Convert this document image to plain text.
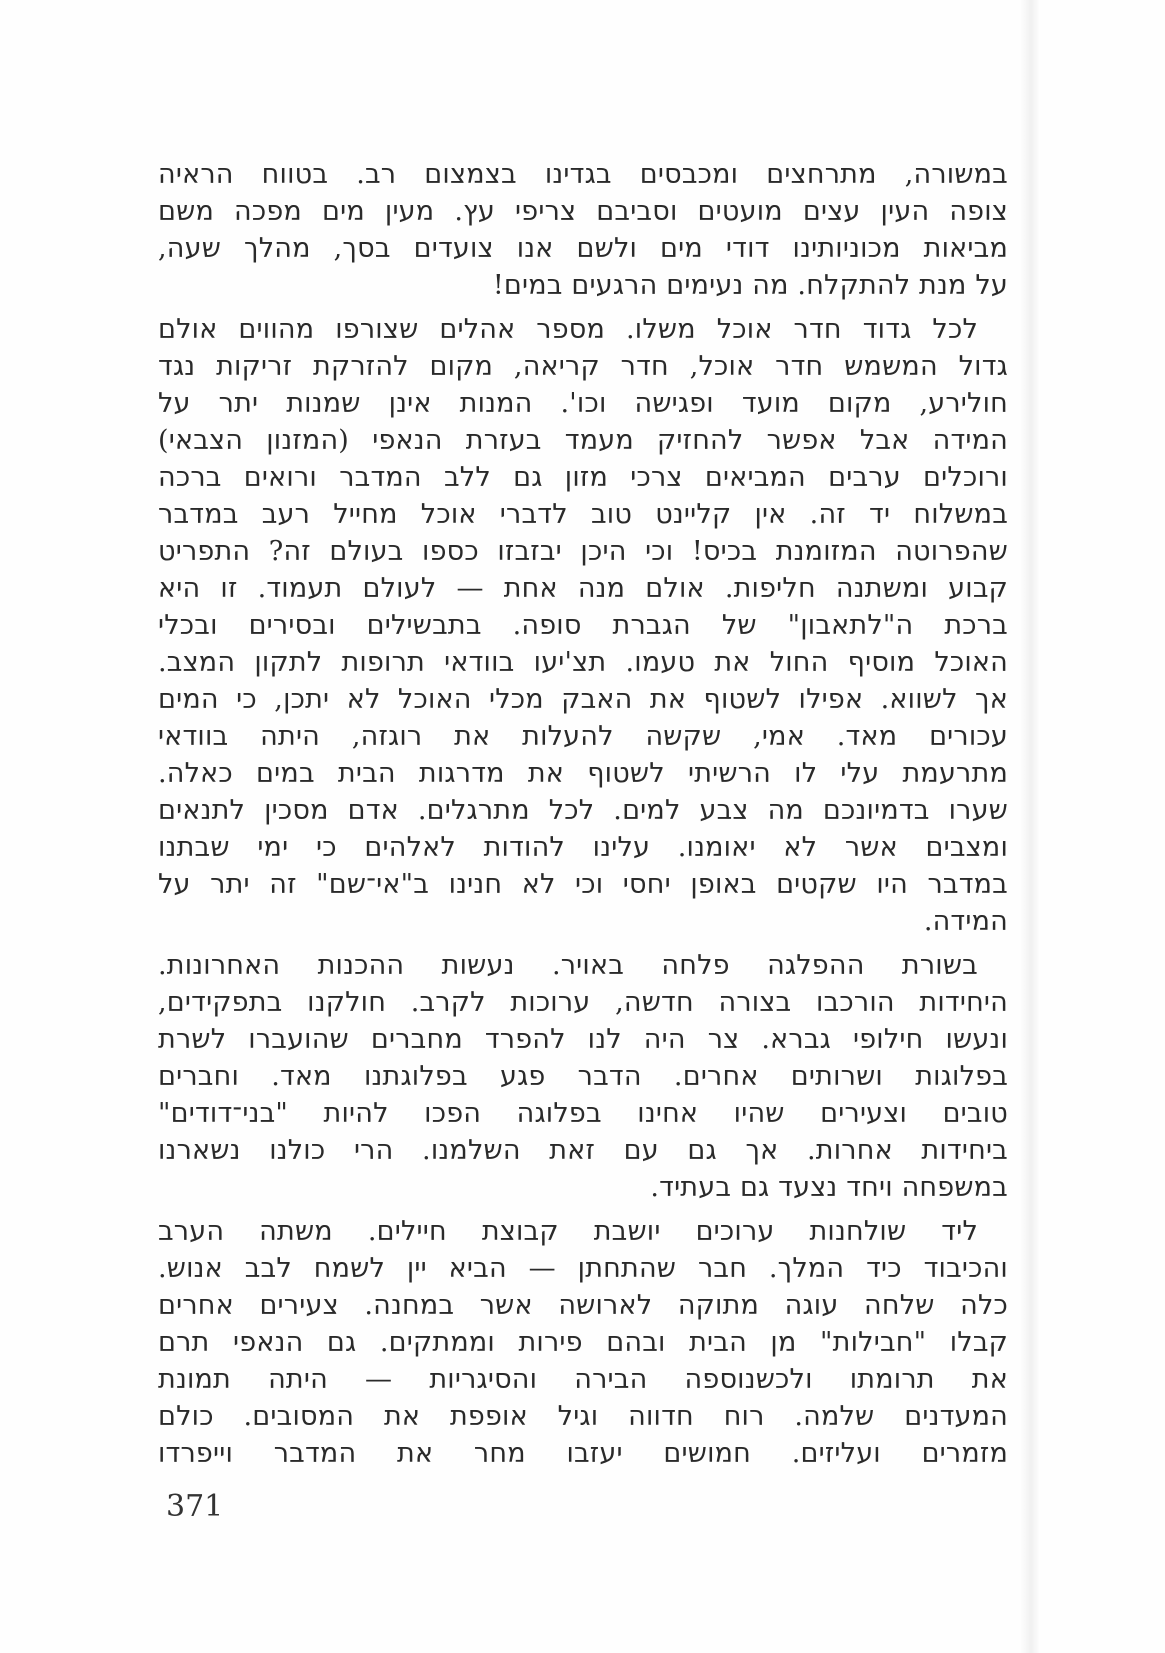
במשורה, מתרחצים ומכבסים בגדינו בצמצום רב. בטווח הראיה
צופה העין עצים מועטים וסביבם צריפי עץ. מעין מים מפכה משם
מביאות מכוניותינו דודי מים ולשם אנו צועדים בסך, מהלך שעה,
על מנת להתקלח. מה נעימים הרגעים במים!
לכל גדוד חדר אוכל משלו. מספר אהלים שצורפו מהווים אולם
גדול המשמש חדר אוכל, חדר קריאה, מקום להזרקת זריקות נגד
חולירע, מקום מועד ופגישה וכו'. המנות אינן שמנות יתר על
המידה אבל אפשר להחזיק מעמד בעזרת הנאפי (המזנון הצבאי)
ורוכלים ערבים המביאים צרכי מזון גם ללב המדבר ורואים ברכה
במשלוח יד זה. אין קליינט טוב לדברי אוכל מחייל רעב במדבר
שהפרוטה המזומנת בכיס! וכי היכן יבזבזו כספו בעולם זה? התפריט
קבוע ומשתנה חליפות. אולם מנה אחת — לעולם תעמוד. זו היא
ברכת ה"לתאבון" של הגברת סופה. בתבשילים ובסירים ובכלי
האוכל מוסיף החול את טעמו. תצ'יעו בוודאי תרופות לתקון המצב.
אך לשווא. אפילו לשטוף את האבק מכלי האוכל לא יתכן, כי המים
עכורים מאד. אמי, שקשה להעלות את רוגזה, היתה בוודאי
מתרעמת עלי לו הרשיתי לשטוף את מדרגות הבית במים כאלה.
שערו בדמיונכם מה צבע למים. לכל מתרגלים. אדם מסכין לתנאים
ומצבים אשר לא יאומנו. עלינו להודות לאלהים כי ימי שבתנו
במדבר היו שקטים באופן יחסי וכי לא חנינו ב"אי־שם" זה יתר על
המידה.
בשורת ההפלגה פלחה באויר. נעשות ההכנות האחרונות.
היחידות הורכבו בצורה חדשה, ערוכות לקרב. חולקנו בתפקידים,
ונעשו חילופי גברא. צר היה לנו להפרד מחברים שהועברו לשרת
בפלוגות ושרותים אחרים. הדבר פגע בפלוגתנו מאד. וחברים
טובים וצעירים שהיו אחינו בפלוגה הפכו להיות "בני־דודים"
ביחידות אחרות. אך גם עם זאת השלמנו. הרי כולנו נשארנו
במשפחה ויחד נצעד גם בעתיד.
ליד שולחנות ערוכים יושבת קבוצת חיילים. משתה הערב
והכיבוד כיד המלך. חבר שהתחתן — הביא יין לשמח לבב אנוש.
כלה שלחה עוגה מתוקה לארושה אשר במחנה. צעירים אחרים
קבלו "חבילות" מן הבית ובהם פירות וממתקים. גם הנאפי תרם
את תרומתו ולכשנוספה הבירה והסיגריות — היתה תמונת
המעדנים שלמה. רוח חדווה וגיל אופפת את המסובים. כולם
מזמרים ועליזים. חמושים יעזבו מחר את המדבר וייפרדו
371
